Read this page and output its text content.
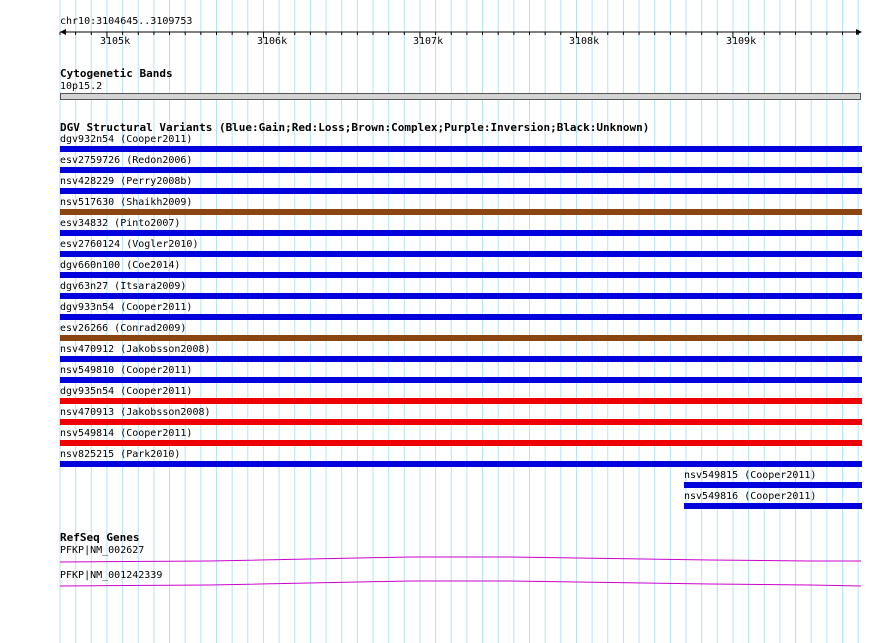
chr10:3104645..3109753
3105k	3106k	3107k	3108k	3109k
Cytogenetic Bands
10p15.2
DGV Structural Variants (Blue:Gain;Red:Loss;Brown:Complex;Purple:Inversion;Black:Unknown)
dgv932n54 (Cooper2011)
esv2759726 (Redon2006)
nsv428229 (Perry2008b)
nsv517630 (Shaikh2009)
esv34832 (Pinto2007)
esv2760124 (Vogler2010)
dgv660n100 (Coe2014)
dgv63n27 (Itsara2009)
dgv933n54 (Cooper2011)
esv26266 (Conrad2009)
nsv470912 (Jakobsson2008)
nsv549810 (Cooper2011)
dgv935n54 (Cooper2011)
nsv470913 (Jakobsson2008)
nsv549814 (Cooper2011)
nsv825215 (Park2010)
nsv549815 (Cooper2011)
nsv549816 (Cooper2011)
RefSeq Genes
PFKP|NM_002627
PFKP|NM_001242339
